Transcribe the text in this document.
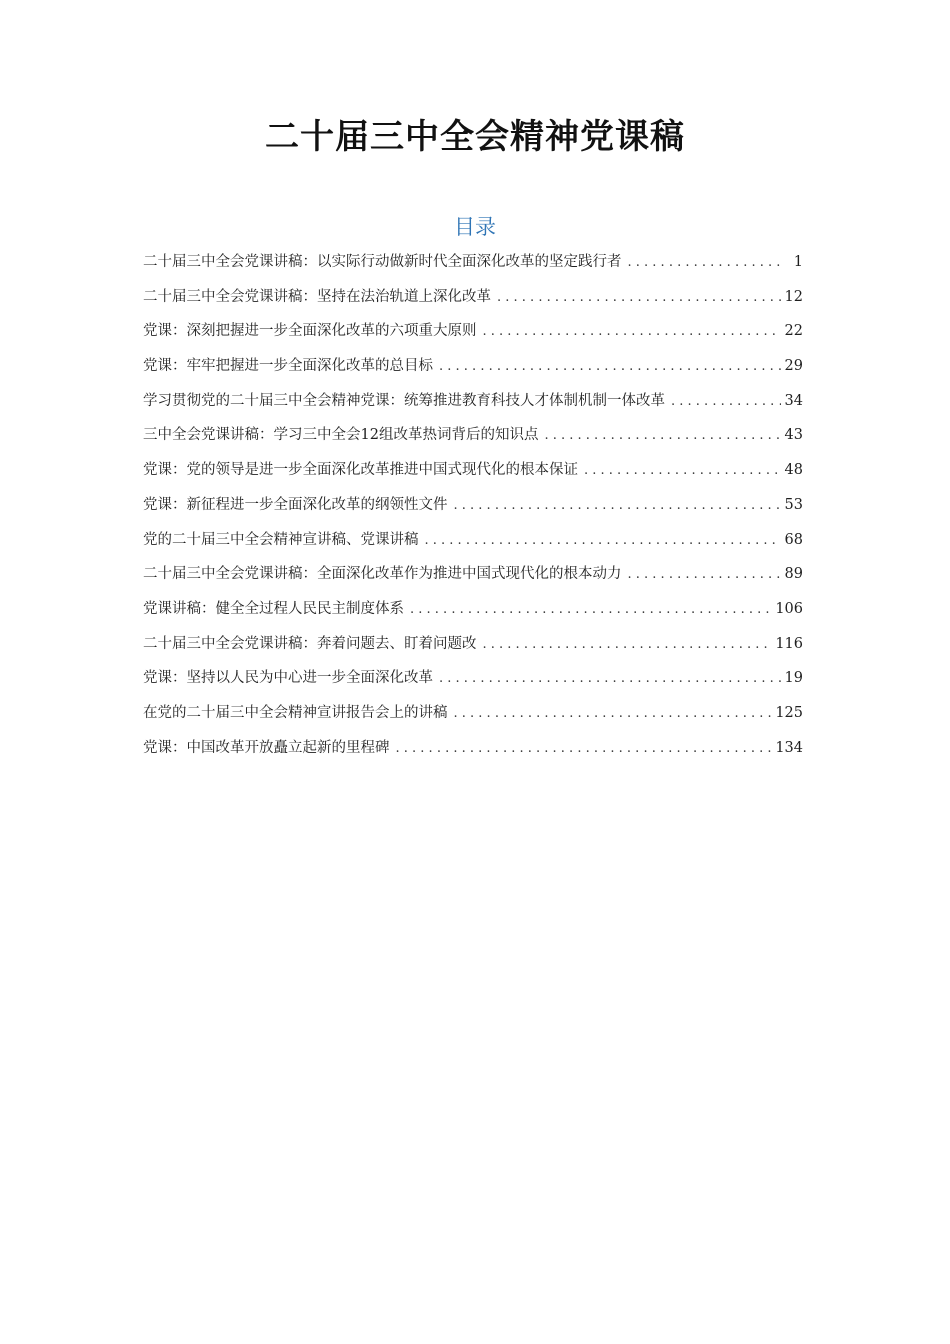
二十届三中全会精神党课稿
目录
二十届三中全会党课讲稿：以实际行动做新时代全面深化改革的坚定践行者 . . .	1
二十届三中全会党课讲稿：坚持在法治轨道上深化改革 . . .	12
党课：深刻把握进一步全面深化改革的六项重大原则 . . .	22
党课：牢牢把握进一步全面深化改革的总目标 . . .	29
学习贯彻党的二十届三中全会精神党课：统筹推进教育科技人才体制机制一体改革 . . .	34
三中全会党课讲稿：学习三中全会12组改革热词背后的知识点 . . .	43
党课：党的领导是进一步全面深化改革推进中国式现代化的根本保证 . . .	48
党课：新征程进一步全面深化改革的纲领性文件 . . .	53
党的二十届三中全会精神宣讲稿、党课讲稿 . . .	68
二十届三中全会党课讲稿：全面深化改革作为推进中国式现代化的根本动力 . . .	89
党课讲稿：健全全过程人民民主制度体系 . . .	106
二十届三中全会党课讲稿：奔着问题去、盯着问题改 . . .	116
党课：坚持以人民为中心进一步全面深化改革 . . .	19
在党的二十届三中全会精神宣讲报告会上的讲稿 . . .	125
党课：中国改革开放矗立起新的里程碑 . . .	134
